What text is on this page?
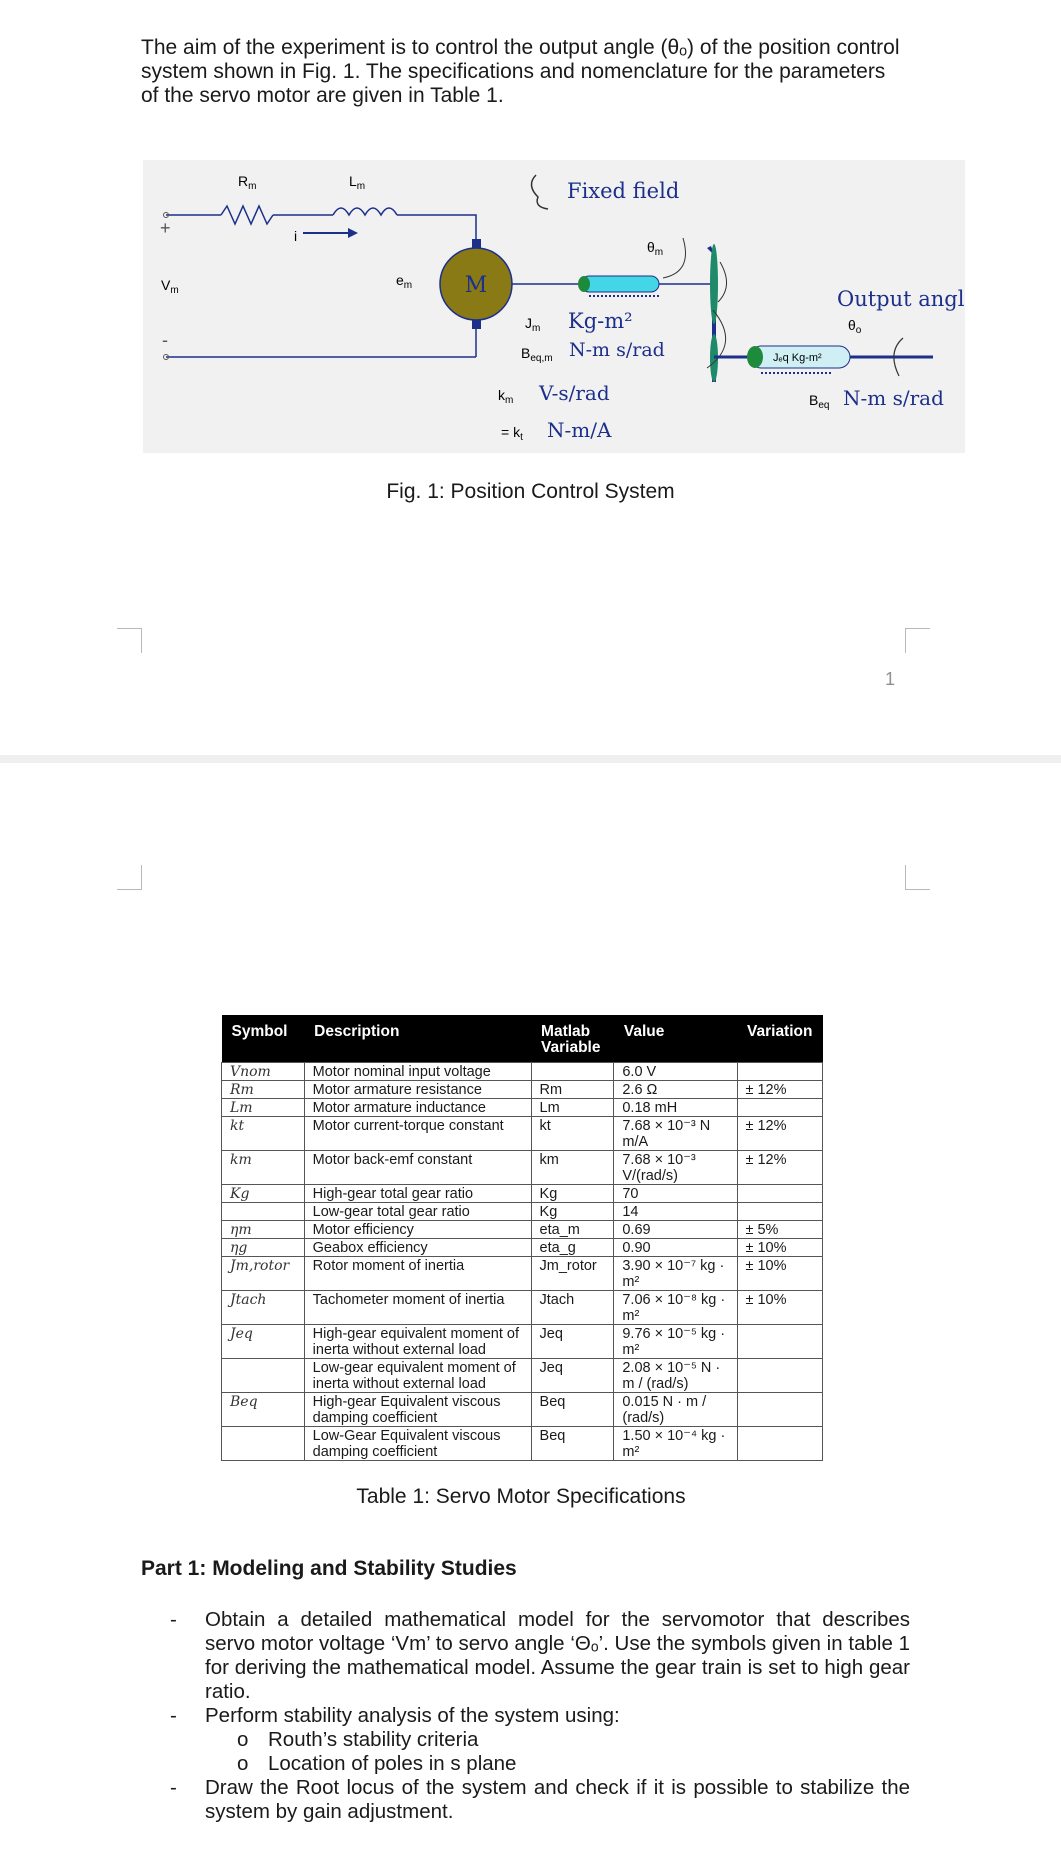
The aim of the experiment is to control the output angle (θₒ) of the position control system shown in Fig. 1. The specifications and nomenclature for the parameters of the servo motor are given in Table 1.
M
$R_m$	$L_m$
+
-
i
$V_m$
$e_m$
Fixed field
$\theta_m$
$J_m$ Kg-m²
$B_{eq,m}$ N-m s/rad
$k_m$ V-s/rad
= $k_t$ N-m/A
Output angle
$\theta_o$
Jₑq Kg-m²
$B_{eq}$ N-m s/rad
Fig. 1: Position Control System
1
Symbol	Description	Matlab Variable	Value	Variation
Vnom	Motor nominal input voltage		6.0 V	
Rm	Motor armature resistance	Rm	2.6 Ω	± 12%
Lm	Motor armature inductance	Lm	0.18 mH	
kt	Motor current-torque constant	kt	7.68 × 10⁻³ N m/A	± 12%
km	Motor back-emf constant	km	7.68 × 10⁻³ V/(rad/s)	± 12%
Kg	High-gear total gear ratio	Kg	70	
	Low-gear total gear ratio	Kg	14	
ηm	Motor efficiency	eta_m	0.69	± 5%
ηg	Geabox efficiency	eta_g	0.90	± 10%
Jm,rotor	Rotor moment of inertia	Jm_rotor	3.90 × 10⁻⁷ kg · m²	± 10%
Jtach	Tachometer moment of inertia	Jtach	7.06 × 10⁻⁸ kg · m²	± 10%
Jeq	High-gear equivalent moment of inerta without external load	Jeq	9.76 × 10⁻⁵ kg · m²	
	Low-gear equivalent moment of inerta without external load	Jeq	2.08 × 10⁻⁵ N · m / (rad/s)	
Beq	High-gear Equivalent viscous damping coefficient	Beq	0.015 N · m / (rad/s)	
	Low-Gear Equivalent viscous damping coefficient	Beq	1.50 × 10⁻⁴ kg · m²	
Table 1: Servo Motor Specifications
Part 1: Modeling and Stability Studies
- Obtain a detailed mathematical model for the servomotor that describes servo motor voltage ‘Vm’ to servo angle ‘Θₒ’. Use the symbols given in table 1 for deriving the mathematical model. Assume the gear train is set to high gear ratio.
- Perform stability analysis of the system using:
o Routh’s stability criteria
o Location of poles in s plane
- Draw the Root locus of the system and check if it is possible to stabilize the system by gain adjustment.
